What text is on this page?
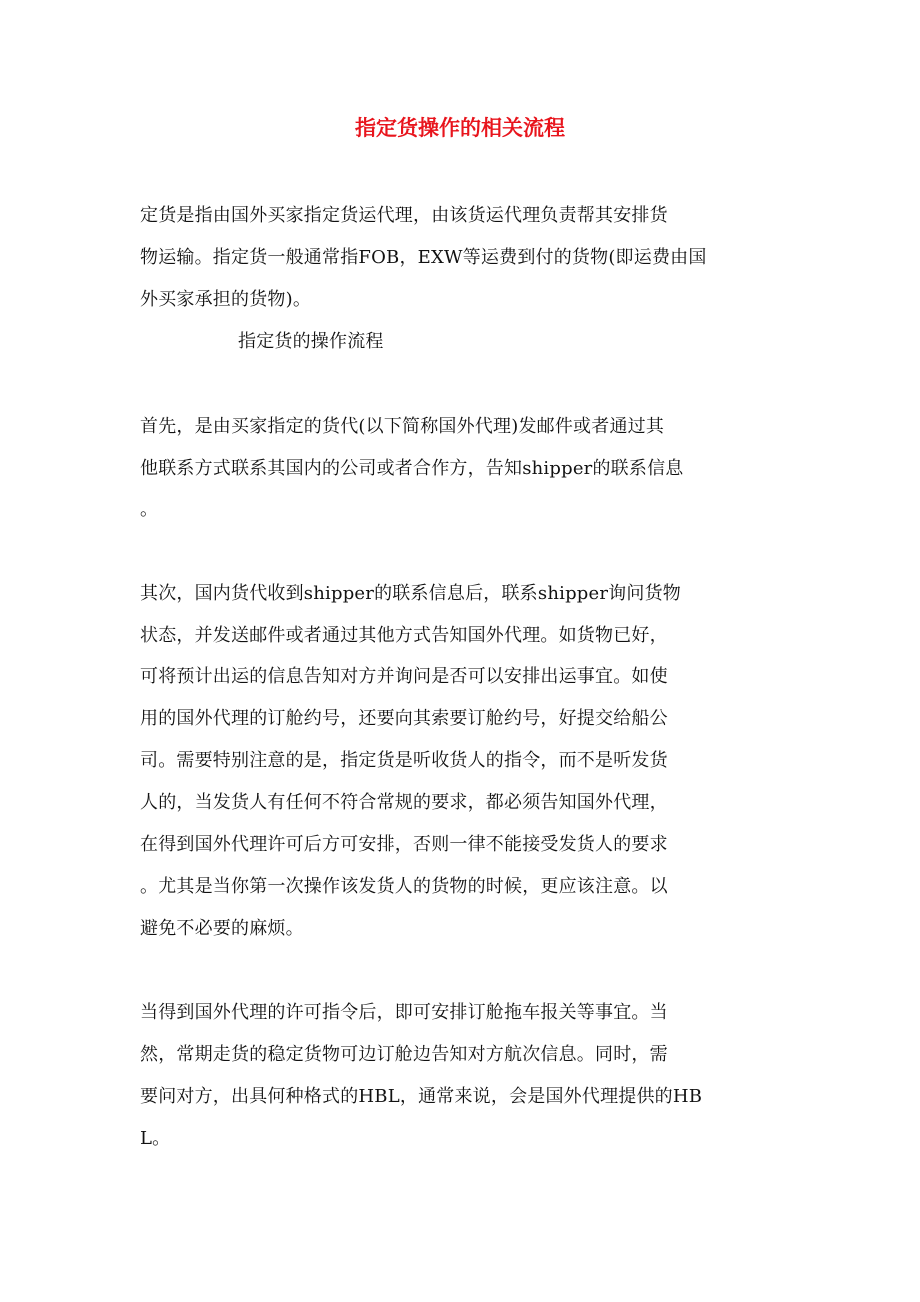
指定货操作的相关流程
定货是指由国外买家指定货运代理，由该货运代理负责帮其安排货
物运输。指定货一般通常指FOB，EXW等运费到付的货物(即运费由国
外买家承担的货物)。
指定货的操作流程
首先，是由买家指定的货代(以下简称国外代理)发邮件或者通过其
他联系方式联系其国内的公司或者合作方，告知shipper的联系信息
。
其次，国内货代收到shipper的联系信息后，联系shipper询问货物
状态，并发送邮件或者通过其他方式告知国外代理。如货物已好，
可将预计出运的信息告知对方并询问是否可以安排出运事宜。如使
用的国外代理的订舱约号，还要向其索要订舱约号，好提交给船公
司。需要特别注意的是，指定货是听收货人的指令，而不是听发货
人的，当发货人有任何不符合常规的要求，都必须告知国外代理，
在得到国外代理许可后方可安排，否则一律不能接受发货人的要求
。尤其是当你第一次操作该发货人的货物的时候，更应该注意。以
避免不必要的麻烦。
当得到国外代理的许可指令后，即可安排订舱拖车报关等事宜。当
然，常期走货的稳定货物可边订舱边告知对方航次信息。同时，需
要问对方，出具何种格式的HBL，通常来说，会是国外代理提供的HB
L。
